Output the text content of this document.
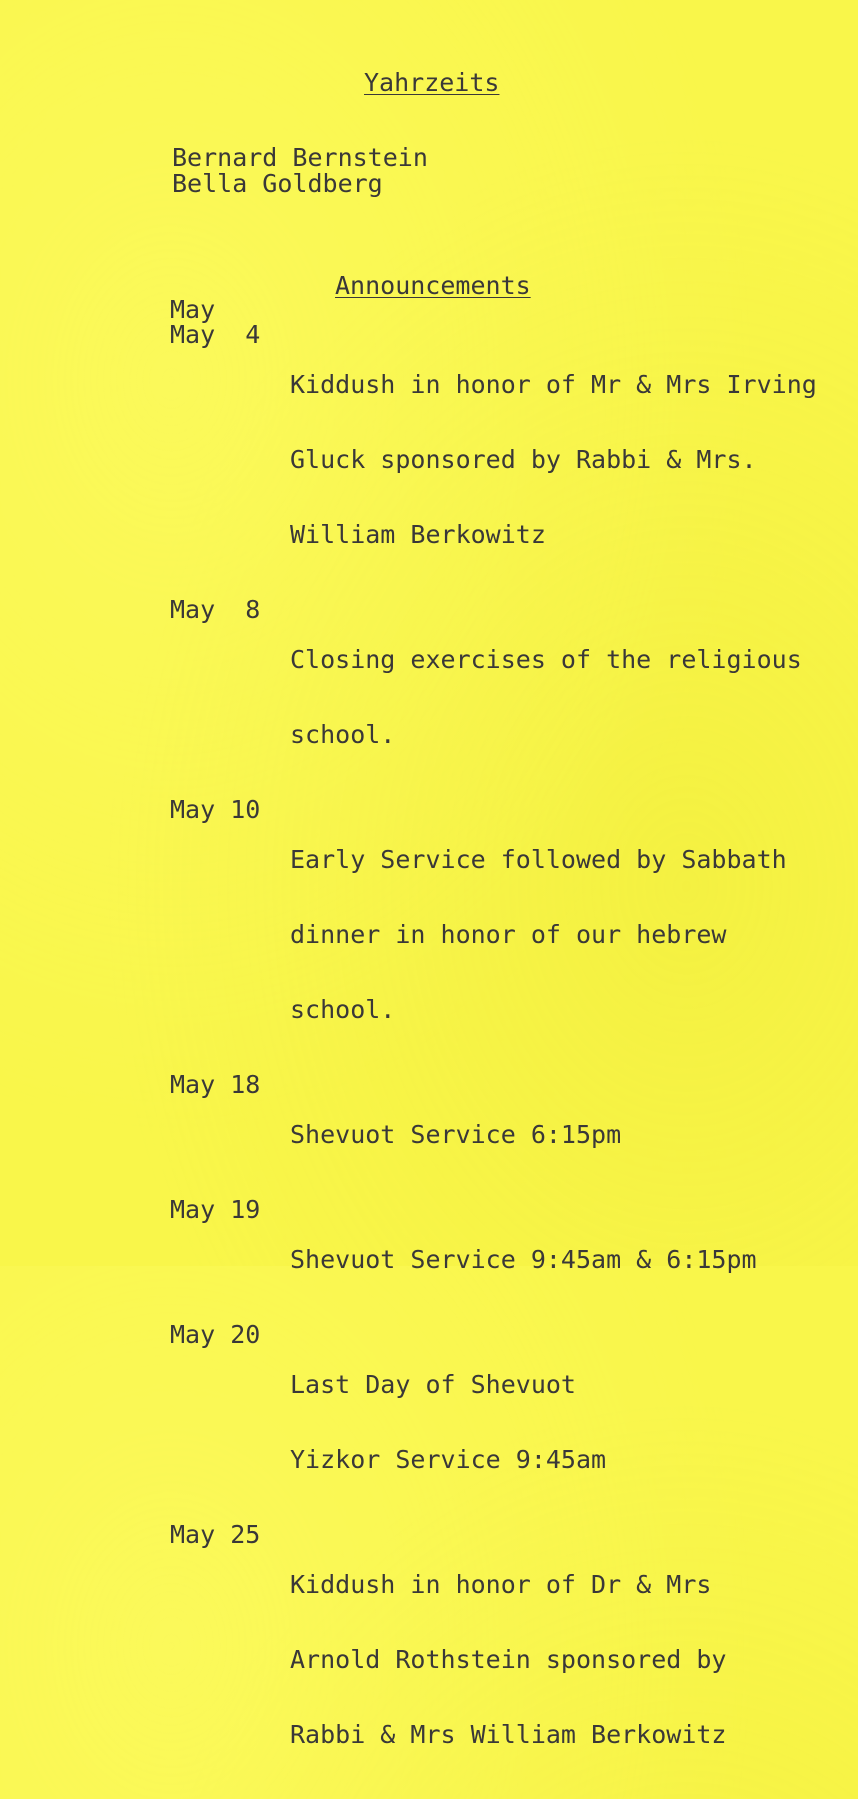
Yahrzeits
Bernard Bernstein
Bella Goldberg
Announcements
May
May  4

Kiddush in honor of Mr & Mrs Irving

Gluck sponsored by Rabbi & Mrs.

William Berkowitz

May  8

Closing exercises of the religious

school.

May 10

Early Service followed by Sabbath

dinner in honor of our hebrew

school.

May 18

Shevuot Service 6:15pm

May 19

Shevuot Service 9:45am & 6:15pm

May 20

Last Day of Shevuot

Yizkor Service 9:45am

May 25

Kiddush in honor of Dr & Mrs

Arnold Rothstein sponsored by

Rabbi & Mrs William Berkowitz
